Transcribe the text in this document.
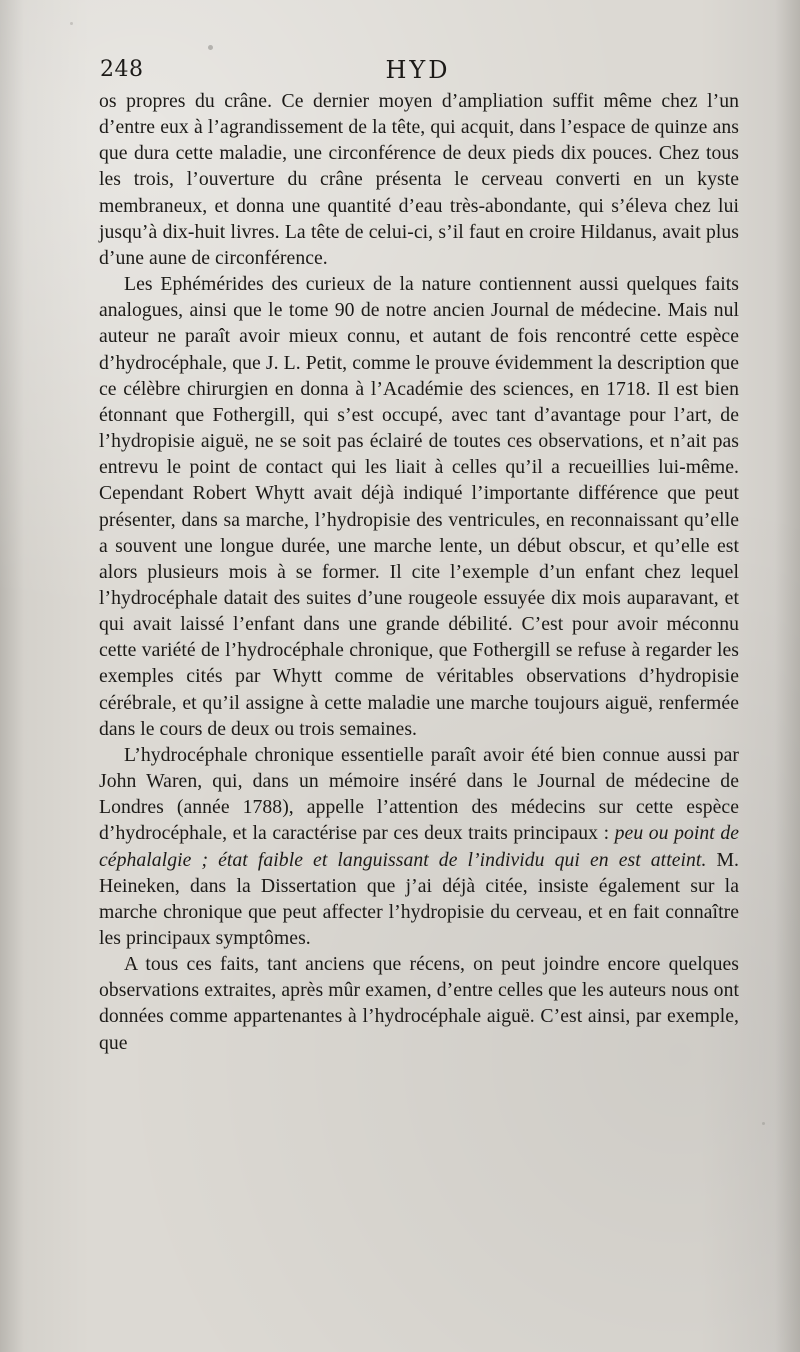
248	HYD

os propres du crâne. Ce dernier moyen d’ampliation suffit même chez l’un d’entre eux à l’agrandissement de la tête, qui acquit, dans l’espace de quinze ans que dura cette maladie, une circonférence de deux pieds dix pouces. Chez tous les trois, l’ouverture du crâne présenta le cerveau converti en un kyste membraneux, et donna une quantité d’eau très-abondante, qui s’éleva chez lui jusqu’à dix-huit livres. La tête de celui-ci, s’il faut en croire Hildanus, avait plus d’une aune de circonférence.

Les Ephémérides des curieux de la nature contiennent aussi quelques faits analogues, ainsi que le tome 90 de notre ancien Journal de médecine. Mais nul auteur ne paraît avoir mieux connu, et autant de fois rencontré cette espèce d’hydrocéphale, que J. L. Petit, comme le prouve évidemment la description que ce célèbre chirurgien en donna à l’Académie des sciences, en 1718. Il est bien étonnant que Fothergill, qui s’est occupé, avec tant d’avantage pour l’art, de l’hydropisie aiguë, ne se soit pas éclairé de toutes ces observations, et n’ait pas entrevu le point de contact qui les liait à celles qu’il a recueillies lui-même. Cependant Robert Whytt avait déjà indiqué l’importante différence que peut présenter, dans sa marche, l’hydropisie des ventricules, en reconnaissant qu’elle a souvent une longue durée, une marche lente, un début obscur, et qu’elle est alors plusieurs mois à se former. Il cite l’exemple d’un enfant chez lequel l’hydrocéphale datait des suites d’une rougeole essuyée dix mois auparavant, et qui avait laissé l’enfant dans une grande débilité. C’est pour avoir méconnu cette variété de l’hydrocéphale chronique, que Fothergill se refuse à regarder les exemples cités par Whytt comme de véritables observations d’hydropisie cérébrale, et qu’il assigne à cette maladie une marche toujours aiguë, renfermée dans le cours de deux ou trois semaines.

L’hydrocéphale chronique essentielle paraît avoir été bien connue aussi par John Waren, qui, dans un mémoire inséré dans le Journal de médecine de Londres (année 1788), appelle l’attention des médecins sur cette espèce d’hydrocéphale, et la caractérise par ces deux traits principaux : peu ou point de céphalalgie ; état faible et languissant de l’individu qui en est atteint. M. Heineken, dans la Dissertation que j’ai déjà citée, insiste également sur la marche chronique que peut affecter l’hydropisie du cerveau, et en fait connaître les principaux symptômes.

A tous ces faits, tant anciens que récens, on peut joindre encore quelques observations extraites, après mûr examen, d’entre celles que les auteurs nous ont données comme appartenantes à l’hydrocéphale aiguë. C’est ainsi, par exemple, que
